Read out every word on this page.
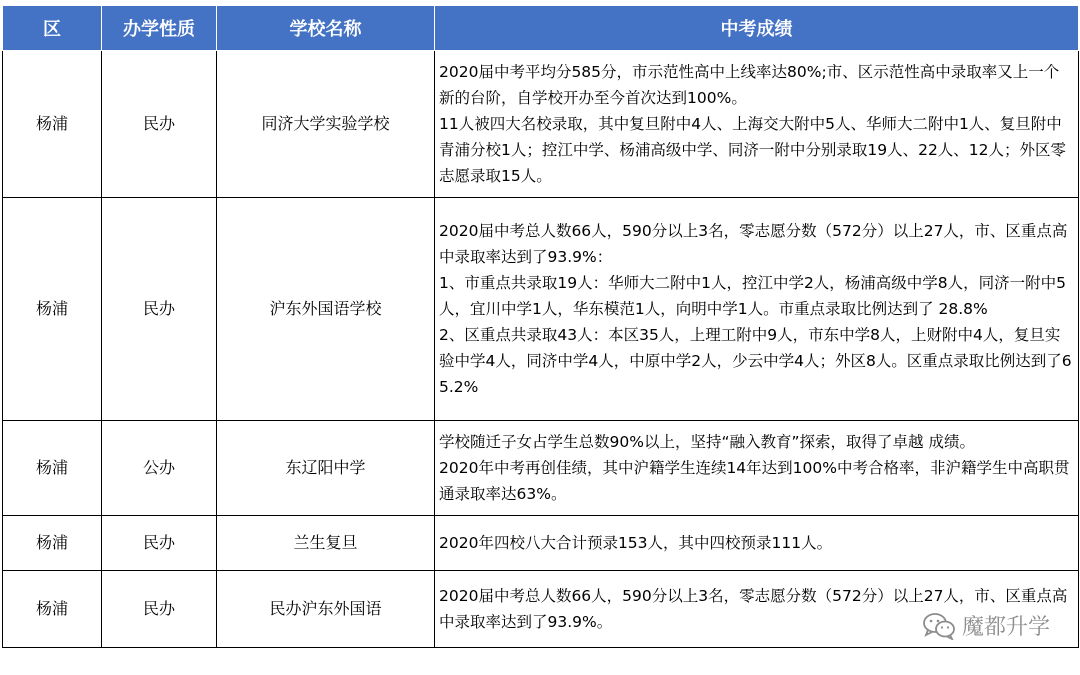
区	办学性质	学校名称	中考成绩
杨浦	民办	同济大学实验学校	2020届中考平均分585分，市示范性高中上线率达80%;市、区示范性高中录取率又上一个新的台阶，自学校开办至今首次达到100%。
11人被四大名校录取，其中复旦附中4人、上海交大附中5人、华师大二附中1人、复旦附中青浦分校1人；控江中学、杨浦高级中学、同济一附中分别录取19人、22人、12人；外区零志愿录取15人。

杨浦	民办	沪东外国语学校	2020届中考总人数66人，590分以上3名，零志愿分数（572分）以上27人，市、区重点高中录取率达到了93.9%：
1、市重点共录取19人：华师大二附中1人，控江中学2人，杨浦高级中学8人，同济一附中5人，宜川中学1人，华东模范1人，向明中学1人。市重点录取比例达到了 28.8%
2、区重点共录取43人：本区35人，上理工附中9人，市东中学8人，上财附中4人，复旦实验中学4人，同济中学4人，中原中学2人，少云中学4人；外区8人。区重点录取比例达到了65.2%

杨浦	公办	东辽阳中学	学校随迁子女占学生总数90%以上，坚持“融入教育”探索，取得了卓越 成绩。
2020年中考再创佳绩，其中沪籍学生连续14年达到100%中考合格率，非沪籍学生中高职贯通录取率达63%。

杨浦	民办	兰生复旦	2020年四校八大合计预录153人，其中四校预录111人。

杨浦	民办	民办沪东外国语	2020届中考总人数66人，590分以上3名，零志愿分数（572分）以上27人，市、区重点高中录取率达到了93.9%。	魔都升学
